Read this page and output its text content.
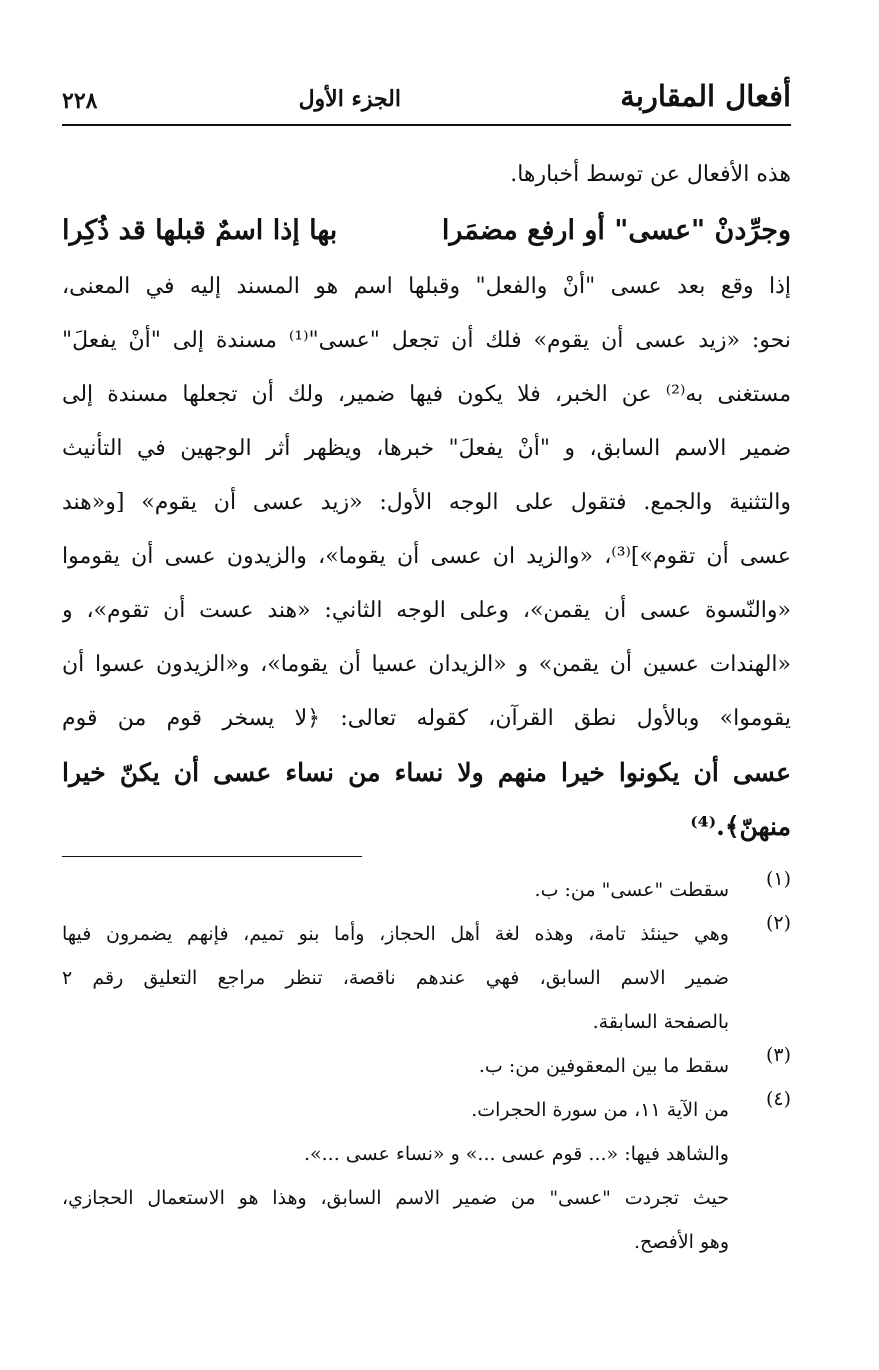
أفعال المقاربة
الجزء الأول
٢٢٨
هذه الأفعال عن توسط أخبارها.
وجرِّدنْ "عسى" أو ارفع مضمَرا
بها إذا اسمٌ قبلها قد ذُكِرا
إذا وقع بعد عسى "أنْ والفعل" وقبلها اسم هو المسند إليه في المعنى،
نحو: «زيد عسى أن يقوم» فلك أن تجعل "عسى"⁽¹⁾ مسندة إلى "أنْ يفعلَ"
مستغنى به⁽²⁾ عن الخبر، فلا يكون فيها ضمير، ولك أن تجعلها مسندة إلى
ضمير الاسم السابق، و "أنْ يفعلَ" خبرها، ويظهر أثر الوجهين في التأنيث
والتثنية والجمع. فتقول على الوجه الأول: «زيد عسى أن يقوم» [و«هند
عسى أن تقوم»]⁽³⁾، «والزيد ان عسى أن يقوما»، والزيدون عسى أن يقوموا
«والنّسوة عسى أن يقمن»، وعلى الوجه الثاني: «هند عست أن تقوم»، و
«الهندات عسين أن يقمن» و «الزيدان عسيا أن يقوما»، و«الزيدون عسوا أن
يقوموا» وبالأول نطق القرآن، كقوله تعالى: ﴿لا يسخر قوم من قوم
عسى أن يكونوا خيرا منهم ولا نساء من نساء عسى أن يكنّ خيرا
منهنّ﴾.⁽⁴⁾
(١)
سقطت "عسى" من: ب.
(٢)
وهي حينئذ تامة، وهذه لغة أهل الحجاز، وأما بنو تميم، فإنهم يضمرون فيها
ضمير الاسم السابق، فهي عندهم ناقصة، تنظر مراجع التعليق رقم ٢
بالصفحة السابقة.
(٣)
سقط ما بين المعقوفين من: ب.
(٤)
من الآية ١١، من سورة الحجرات.
والشاهد فيها: «... قوم عسى ...» و «نساء عسى ...».
حيث تجردت "عسى" من ضمير الاسم السابق، وهذا هو الاستعمال الحجازي،
وهو الأفصح.
